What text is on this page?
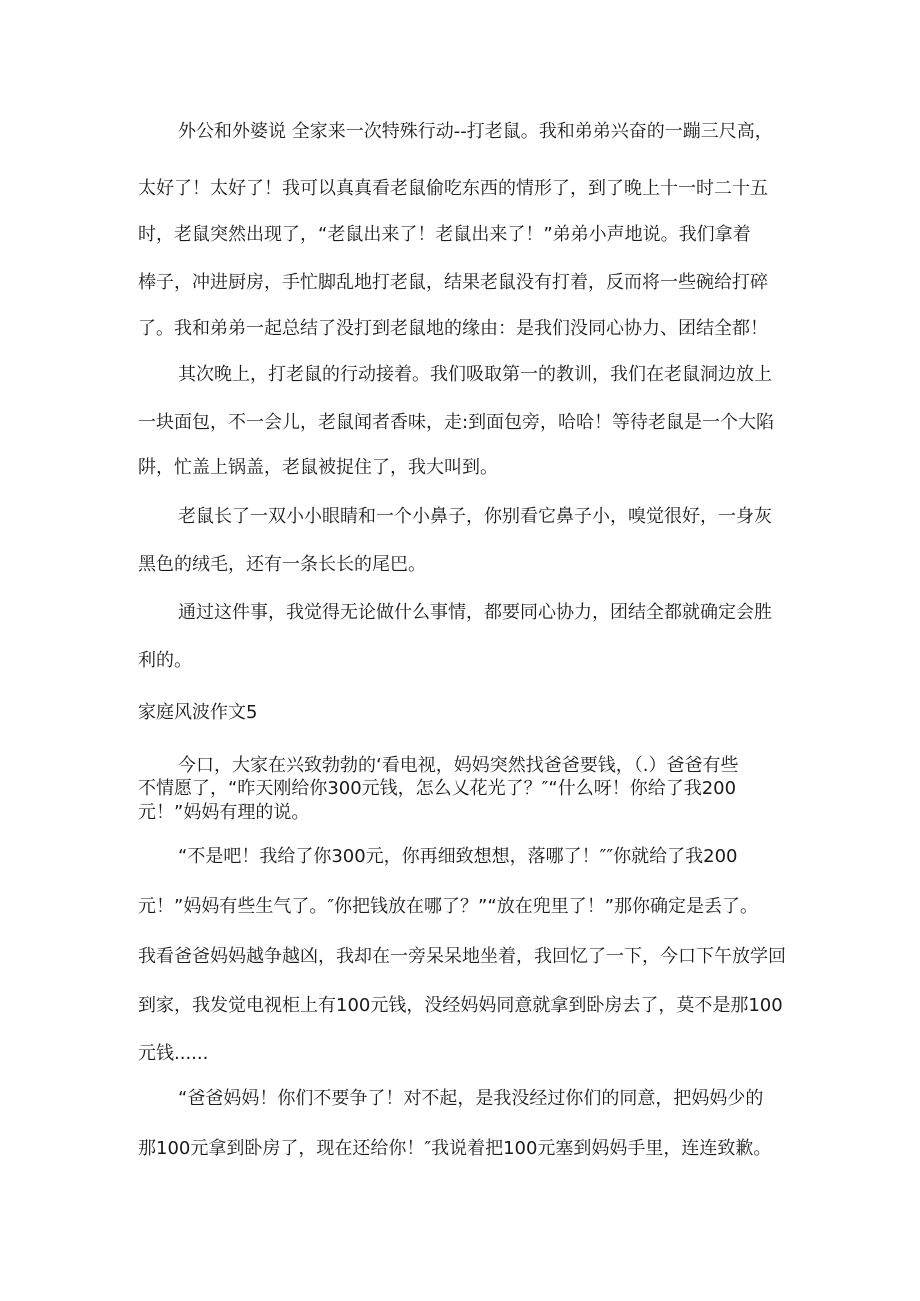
外公和外婆说 全家来一次特殊行动--打老鼠。我和弟弟兴奋的一蹦三尺高，

太好了！太好了！我可以真真看老鼠偷吃东西的情形了，到了晚上十一时二十五

时，老鼠突然出现了，“老鼠出来了！老鼠出来了！”弟弟小声地说。我们拿着

棒子，冲进厨房，手忙脚乱地打老鼠，结果老鼠没有打着，反而将一些碗给打碎

了。我和弟弟一起总结了没打到老鼠地的缘由：是我们没同心协力、团结全都！

其次晚上，打老鼠的行动接着。我们吸取第一的教训，我们在老鼠洞边放上

一块面包，不一会儿，老鼠闻者香味，走:到面包旁，哈哈！等待老鼠是一个大陷

阱，忙盖上锅盖，老鼠被捉住了，我大叫到。

老鼠长了一双小小眼睛和一个小鼻子，你别看它鼻子小，嗅觉很好，一身灰

黑色的绒毛，还有一条长长的尾巴。

通过这件事，我觉得无论做什么事情，都要同心协力，团结全都就确定会胜

利的。

家庭风波作文5

今口，大家在兴致勃勃的‘看电视，妈妈突然找爸爸要钱，（.）爸爸有些

不情愿了，“昨天刚给你300元钱，怎么乂花光了？″“什么呀！你给了我200

元！”妈妈有理的说。

“不是吧！我给了你300元，你再细致想想，落哪了！″″你就给了我200

元！”妈妈有些生气了。″你把钱放在哪了？”“放在兜里了！”那你确定是丢了。

我看爸爸妈妈越争越凶，我却在一旁呆呆地坐着，我回忆了一下，今口下午放学回

到家，我发觉电视柜上有100元钱，没经妈妈同意就拿到卧房去了，莫不是那100

元钱......

“爸爸妈妈！你们不要争了！对不起，是我没经过你们的同意，把妈妈少的

那100元拿到卧房了，现在还给你！″我说着把100元塞到妈妈手里，连连致歉。
